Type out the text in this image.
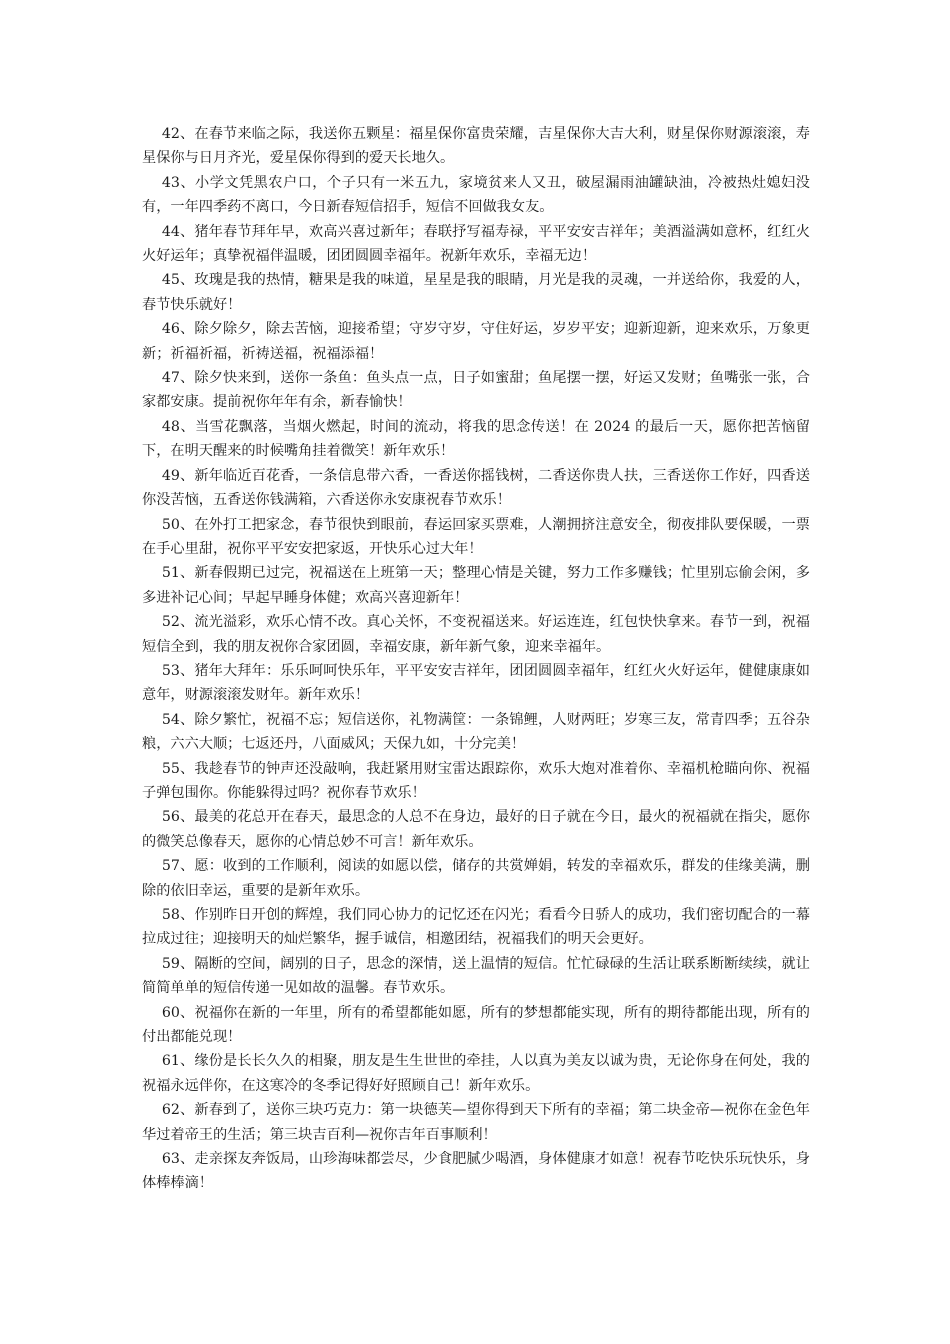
42、在春节来临之际，我送你五颗星：福星保你富贵荣耀，吉星保你大吉大利，财星保你财源滚滚，寿星保你与日月齐光，爱星保你得到的爱天长地久。

43、小学文凭黑农户口，个子只有一米五九，家境贫来人又丑，破屋漏雨油罐缺油，冷被热灶媳妇没有，一年四季药不离口，今日新春短信招手，短信不回做我女友。

44、猪年春节拜年早，欢高兴喜过新年；春联抒写福寿禄，平平安安吉祥年；美酒溢满如意杯，红红火火好运年；真挚祝福伴温暖，团团圆圆幸福年。祝新年欢乐，幸福无边！

45、玫瑰是我的热情，糖果是我的味道，星星是我的眼睛，月光是我的灵魂，一并送给你，我爱的人，春节快乐就好！

46、除夕除夕，除去苦恼，迎接希望；守岁守岁，守住好运，岁岁平安；迎新迎新，迎来欢乐，万象更新；祈福祈福，祈祷送福，祝福添福！

47、除夕快来到，送你一条鱼：鱼头点一点，日子如蜜甜；鱼尾摆一摆，好运又发财；鱼嘴张一张，合家都安康。提前祝你年年有余，新春愉快！

48、当雪花飘落，当烟火燃起，时间的流动，将我的思念传送！在 2024 的最后一天，愿你把苦恼留下，在明天醒来的时候嘴角挂着微笑！新年欢乐！

49、新年临近百花香，一条信息带六香，一香送你摇钱树，二香送你贵人扶，三香送你工作好，四香送你没苦恼，五香送你钱满箱，六香送你永安康祝春节欢乐！

50、在外打工把家念，春节很快到眼前，春运回家买票难，人潮拥挤注意安全，彻夜排队要保暖，一票在手心里甜，祝你平平安安把家返，开快乐心过大年！

51、新春假期已过完，祝福送在上班第一天；整理心情是关键，努力工作多赚钱；忙里别忘偷会闲，多多进补记心间；早起早睡身体健；欢高兴喜迎新年！

52、流光溢彩，欢乐心情不改。真心关怀，不变祝福送来。好运连连，红包快快拿来。春节一到，祝福短信全到，我的朋友祝你合家团圆，幸福安康，新年新气象，迎来幸福年。

53、猪年大拜年：乐乐呵呵快乐年，平平安安吉祥年，团团圆圆幸福年，红红火火好运年，健健康康如意年，财源滚滚发财年。新年欢乐！

54、除夕繁忙，祝福不忘；短信送你，礼物满筐：一条锦鲤，人财两旺；岁寒三友，常青四季；五谷杂粮，六六大顺；七返还丹，八面威风；天保九如，十分完美！

55、我趁春节的钟声还没敲响，我赶紧用财宝雷达跟踪你，欢乐大炮对准着你、幸福机枪瞄向你、祝福子弹包围你。你能躲得过吗？祝你春节欢乐！

56、最美的花总开在春天，最思念的人总不在身边，最好的日子就在今日，最火的祝福就在指尖，愿你的微笑总像春天，愿你的心情总妙不可言！新年欢乐。

57、愿：收到的工作顺利，阅读的如愿以偿，储存的共赏婵娟，转发的幸福欢乐，群发的佳缘美满，删除的依旧幸运，重要的是新年欢乐。

58、作别昨日开创的辉煌，我们同心协力的记忆还在闪光；看看今日骄人的成功，我们密切配合的一幕拉成过往；迎接明天的灿烂繁华，握手诚信，相邀团结，祝福我们的明天会更好。

59、隔断的空间，阔别的日子，思念的深情，送上温情的短信。忙忙碌碌的生活让联系断断续续，就让简简单单的短信传递一见如故的温馨。春节欢乐。

60、祝福你在新的一年里，所有的希望都能如愿，所有的梦想都能实现，所有的期待都能出现，所有的付出都能兑现！

61、缘份是长长久久的相聚，朋友是生生世世的牵挂，人以真为美友以诚为贵，无论你身在何处，我的祝福永远伴你，在这寒冷的冬季记得好好照顾自己！新年欢乐。

62、新春到了，送你三块巧克力：第一块德芙—望你得到天下所有的幸福；第二块金帝—祝你在金色年华过着帝王的生活；第三块吉百利—祝你吉年百事顺利！

63、走亲探友奔饭局，山珍海味都尝尽，少食肥腻少喝酒，身体健康才如意！祝春节吃快乐玩快乐，身体棒棒滴！
